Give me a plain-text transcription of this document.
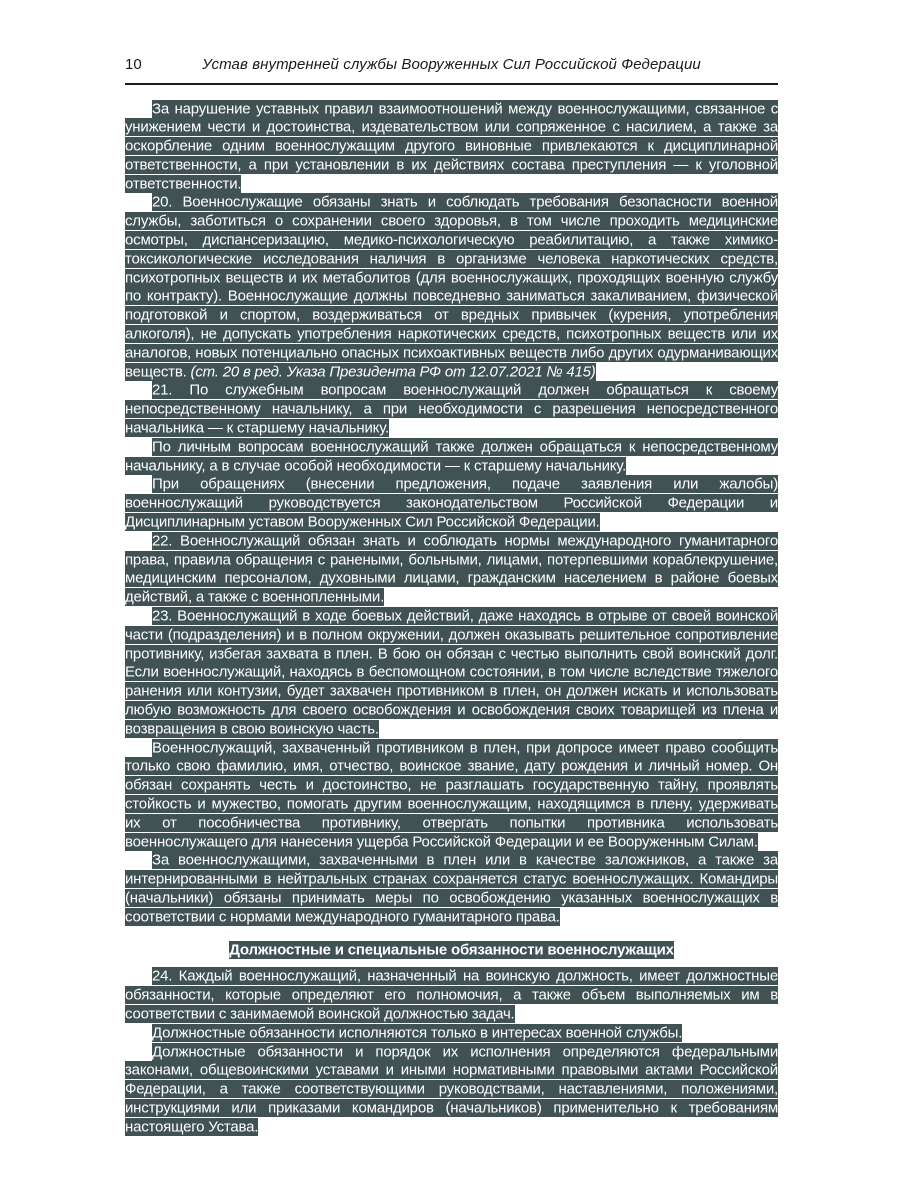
10	Устав внутренней службы Вооруженных Сил Российской Федерации

За нарушение уставных правил взаимоотношений между военнослужащими, связанное с унижением чести и достоинства, издевательством или сопряженное с насилием, а также за оскорбление одним военнослужащим другого виновные привлекаются к дисциплинарной ответственности, а при установлении в их действиях состава преступления — к уголовной ответственности.

20. Военнослужащие обязаны знать и соблюдать требования безопасности военной службы, заботиться о сохранении своего здоровья, в том числе проходить медицинские осмотры, диспансеризацию, медико-психологическую реабилитацию, а также химико-токсикологические исследования наличия в организме человека наркотических средств, психотропных веществ и их метаболитов (для военнослужащих, проходящих военную службу по контракту). Военнослужащие должны повседневно заниматься закаливанием, физической подготовкой и спортом, воздерживаться от вредных привычек (курения, употребления алкоголя), не допускать употребления наркотических средств, психотропных веществ или их аналогов, новых потенциально опасных психоактивных веществ либо других одурманивающих веществ. (ст. 20 в ред. Указа Президента РФ от 12.07.2021 № 415)

21. По служебным вопросам военнослужащий должен обращаться к своему непосредственному начальнику, а при необходимости с разрешения непосредственного начальника — к старшему начальнику.

По личным вопросам военнослужащий также должен обращаться к непосредственному начальнику, а в случае особой необходимости — к старшему начальнику.

При обращениях (внесении предложения, подаче заявления или жалобы) военнослужащий руководствуется законодательством Российской Федерации и Дисциплинарным уставом Вооруженных Сил Российской Федерации.

22. Военнослужащий обязан знать и соблюдать нормы международного гуманитарного права, правила обращения с ранеными, больными, лицами, потерпевшими кораблекрушение, медицинским персоналом, духовными лицами, гражданским населением в районе боевых действий, а также с военнопленными.

23. Военнослужащий в ходе боевых действий, даже находясь в отрыве от своей воинской части (подразделения) и в полном окружении, должен оказывать решительное сопротивление противнику, избегая захвата в плен. В бою он обязан с честью выполнить свой воинский долг. Если военнослужащий, находясь в беспомощном состоянии, в том числе вследствие тяжелого ранения или контузии, будет захвачен противником в плен, он должен искать и использовать любую возможность для своего освобождения и освобождения своих товарищей из плена и возвращения в свою воинскую часть.

Военнослужащий, захваченный противником в плен, при допросе имеет право сообщить только свою фамилию, имя, отчество, воинское звание, дату рождения и личный номер. Он обязан сохранять честь и достоинство, не разглашать государственную тайну, проявлять стойкость и мужество, помогать другим военнослужащим, находящимся в плену, удерживать их от пособничества противнику, отвергать попытки противника использовать военнослужащего для нанесения ущерба Российской Федерации и ее Вооруженным Силам.

За военнослужащими, захваченными в плен или в качестве заложников, а также за интернированными в нейтральных странах сохраняется статус военнослужащих. Командиры (начальники) обязаны принимать меры по освобождению указанных военнослужащих в соответствии с нормами международного гуманитарного права.

Должностные и специальные обязанности военнослужащих

24. Каждый военнослужащий, назначенный на воинскую должность, имеет должностные обязанности, которые определяют его полномочия, а также объем выполняемых им в соответствии с занимаемой воинской должностью задач.

Должностные обязанности исполняются только в интересах военной службы.

Должностные обязанности и порядок их исполнения определяются федеральными законами, общевоинскими уставами и иными нормативными правовыми актами Российской Федерации, а также соответствующими руководствами, наставлениями, положениями, инструкциями или приказами командиров (начальников) применительно к требованиям настоящего Устава.
